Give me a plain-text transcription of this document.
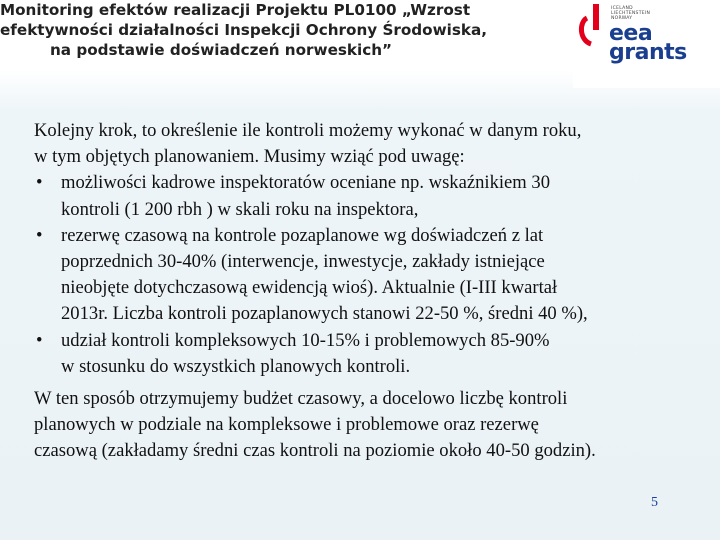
Monitoring efektów realizacji Projektu PL0100 „Wzrost
efektywności działalności Inspekcji Ochrony Środowiska,
na podstawie doświadczeń norweskich”
ICELAND
LIECHTENSTEIN
NORWAY
eea
grants

Kolejny krok, to określenie ile kontroli możemy wykonać w danym roku,

w tym objętych planowaniem. Musimy wziąć pod uwagę:

• możliwości kadrowe inspektoratów oceniane np. wskaźnikiem 30
kontroli (1 200 rbh ) w skali roku na inspektora,
• rezerwę czasową na kontrole pozaplanowe wg doświadczeń z lat
poprzednich 30-40% (interwencje, inwestycje, zakłady istniejące
nieobjęte dotychczasową ewidencją wioś). Aktualnie (I-III kwartał
2013r. Liczba kontroli pozaplanowych stanowi 22-50 %, średni 40 %),
• udział kontroli kompleksowych 10-15% i problemowych 85-90%
w stosunku do wszystkich planowych kontroli.

W ten sposób otrzymujemy budżet czasowy, a docelowo liczbę kontroli

planowych w podziale na kompleksowe i problemowe oraz rezerwę

czasową (zakładamy średni czas kontroli na poziomie około 40-50 godzin).

5
